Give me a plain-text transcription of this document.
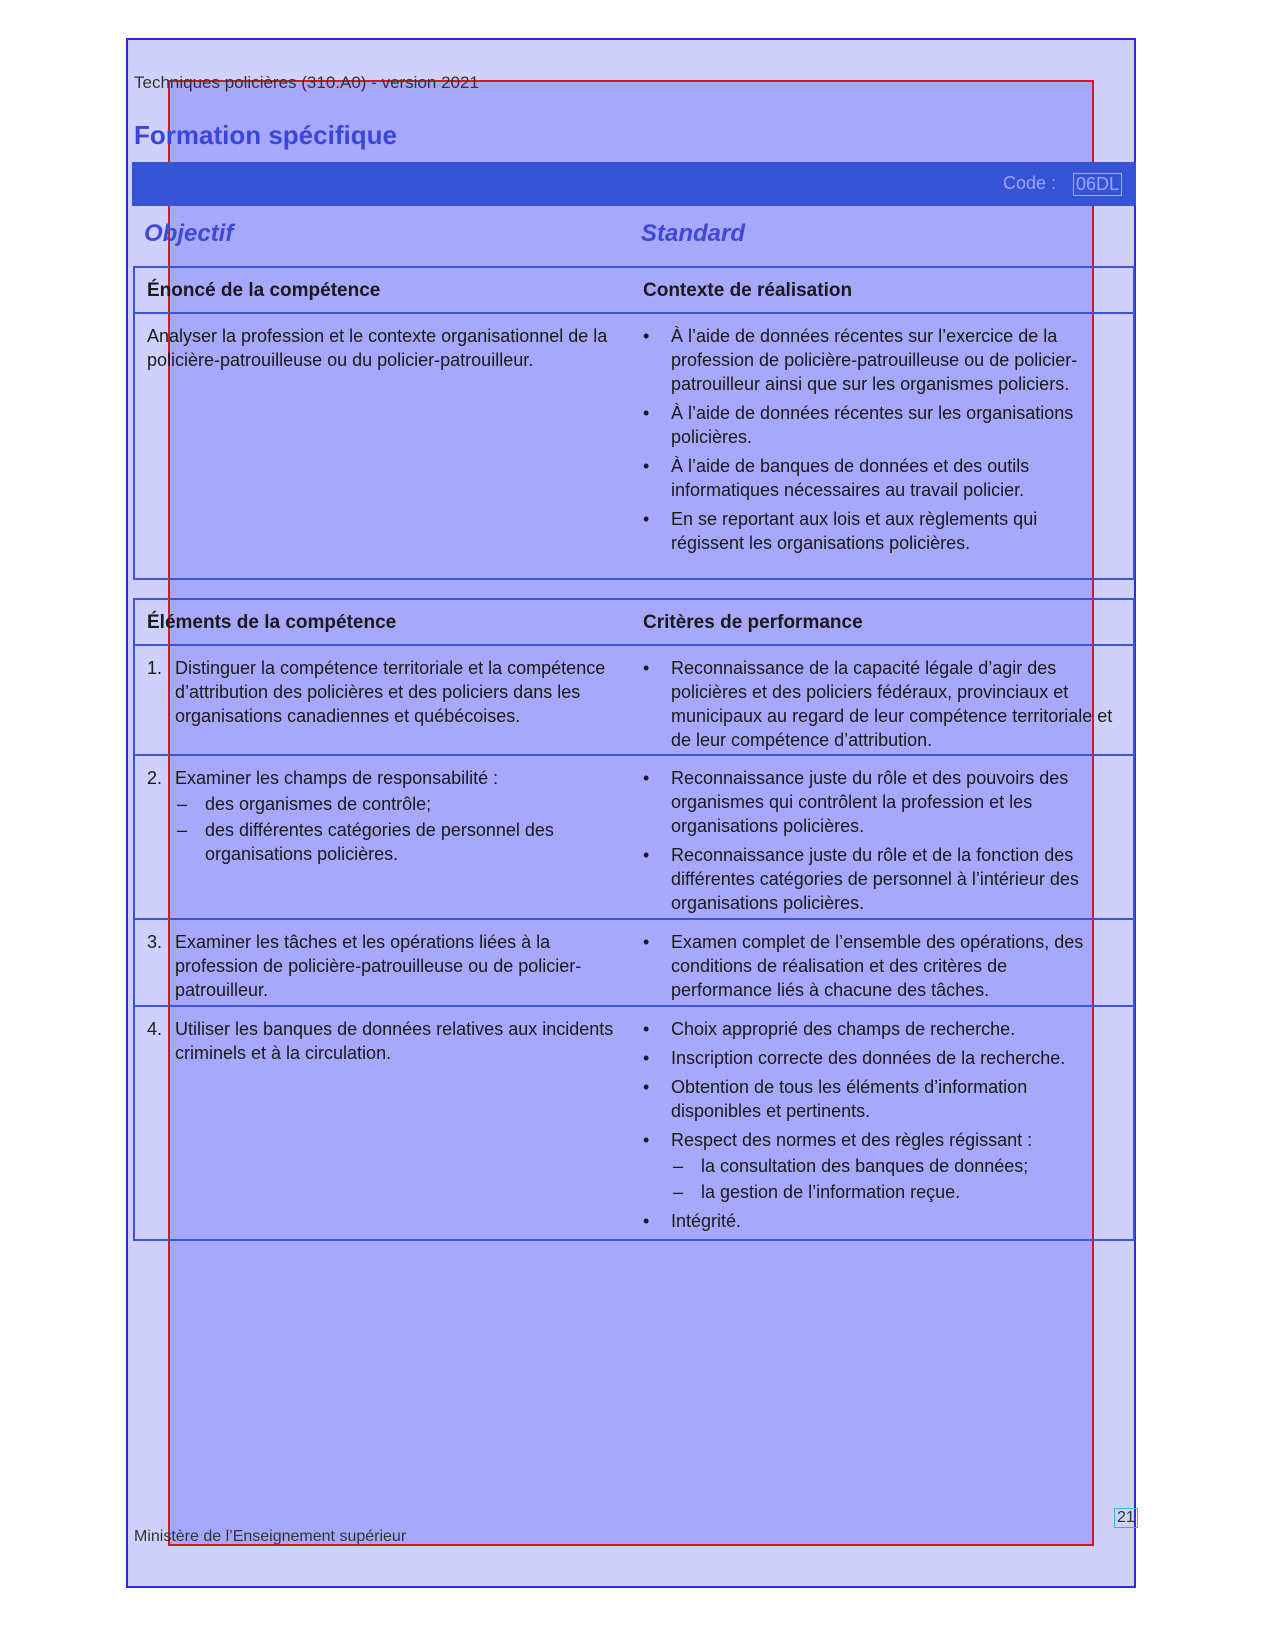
Techniques policières (310.A0) - version 2021
Formation spécifique
Code : 06DL
Objectif	Standard
Énoncé de la compétence	Contexte de réalisation
Analyser la profession et le contexte organisationnel de la policière-patrouilleuse ou du policier-patrouilleur.
•	À l’aide de données récentes sur l’exercice de la profession de policière-patrouilleuse ou de policier-patrouilleur ainsi que sur les organismes policiers.
•	À l’aide de données récentes sur les organisations policières.
•	À l’aide de banques de données et des outils informatiques nécessaires au travail policier.
•	En se reportant aux lois et aux règlements qui régissent les organisations policières.
Éléments de la compétence	Critères de performance
1. Distinguer la compétence territoriale et la compétence d’attribution des policières et des policiers dans les organisations canadiennes et québécoises.
•	Reconnaissance de la capacité légale d’agir des policières et des policiers fédéraux, provinciaux et municipaux au regard de leur compétence territoriale et de leur compétence d’attribution.
2. Examiner les champs de responsabilité :
– des organismes de contrôle;
– des différentes catégories de personnel des organisations policières.
•	Reconnaissance juste du rôle et des pouvoirs des organismes qui contrôlent la profession et les organisations policières.
•	Reconnaissance juste du rôle et de la fonction des différentes catégories de personnel à l’intérieur des organisations policières.
3. Examiner les tâches et les opérations liées à la profession de policière-patrouilleuse ou de policier-patrouilleur.
•	Examen complet de l’ensemble des opérations, des conditions de réalisation et des critères de performance liés à chacune des tâches.
4. Utiliser les banques de données relatives aux incidents criminels et à la circulation.
•	Choix approprié des champs de recherche.
•	Inscription correcte des données de la recherche.
•	Obtention de tous les éléments d’information disponibles et pertinents.
•	Respect des normes et des règles régissant :
– la consultation des banques de données;
– la gestion de l’information reçue.
•	Intégrité.
21
Ministère de l’Enseignement supérieur
